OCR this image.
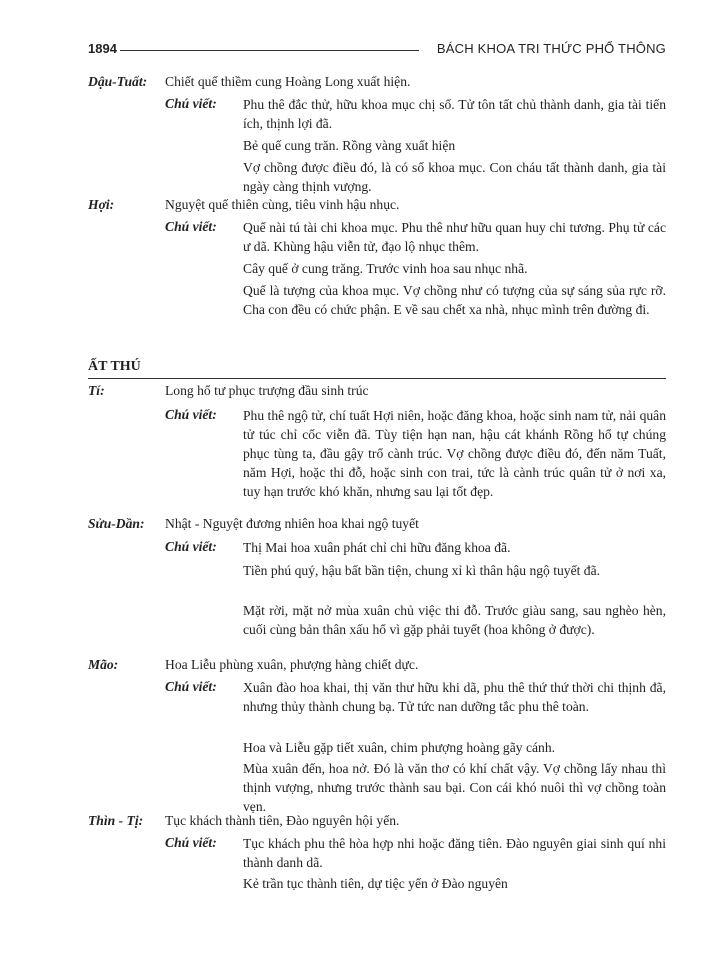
1894	BÁCH KHOA TRI THỨC PHỔ THÔNG
Dậu-Tuất: Chiết quế thiềm cung Hoàng Long xuất hiện.
Chú viết: Phu thê đắc thử, hữu khoa mục chị số. Tử tôn tất chủ thành danh, gia tài tiến ích, thịnh lợi đã.
Bẻ quế cung trăn. Rồng vàng xuất hiện
Vợ chồng được điều đó, là có số khoa mục. Con cháu tất thành danh, gia tài ngày càng thịnh vượng.
Hợi:	Nguyệt quế thiên cùng, tiêu vinh hậu nhục.
Chú viết: Quế nài tú tài chi khoa mục. Phu thê như hữu quan huy chi tương. Phụ tử các ư dã. Khùng hậu viễn tử, đạo lộ nhục thêm.
Cây quế ở cung trăng. Trước vinh hoa sau nhục nhã.
Quế là tượng của khoa mục. Vợ chồng như có tượng của sự sáng sủa rực rỡ. Cha con đều có chức phận. E về sau chết xa nhà, nhục mình trên đường đi.
ẤT THÚ
Tí:	Long hổ tư phục trượng đầu sinh trúc
Chú viết: Phu thê ngộ tử, chí tuất Hợi niên, hoặc đăng khoa, hoặc sinh nam tử, nải quân tử túc chỉ cốc viễn đã. Tùy tiện hạn nan, hậu cát khánh Rồng hổ tự chúng phục tùng ta, đầu gậy trổ cành trúc. Vợ chồng được điều đó, đến năm Tuất, năm Hợi, hoặc thi đỗ, hoặc sinh con trai, tức là cành trúc quân tử ở nơi xa, tuy hạn trước khó khăn, nhưng sau lại tốt đẹp.
Sửu-Dần: Nhật - Nguyệt đương nhiên hoa khai ngộ tuyết
Chú viết: Thị Mai hoa xuân phát chỉ chi hữu đăng khoa đã.
Tiền phú quý, hậu bất bần tiện, chung xỉ kì thân hậu ngộ tuyết đã.
Mặt rời, mặt nở mùa xuân chủ việc thi đỗ. Trước giàu sang, sau nghèo hèn, cuối cùng bản thân xấu hổ vì gặp phải tuyết (hoa không ở được).
Mão:	Hoa Liễu phùng xuân, phượng hàng chiết dực.
Chú viết: Xuân đào hoa khai, thị văn thư hữu khi dã, phu thê thứ thứ thời chi thịnh đã, nhưng thủy thành chung bạ. Tử tức nan dưỡng tắc phu thê toàn.
Hoa và Liễu gặp tiết xuân, chim phượng hoàng gãy cánh.
Mùa xuân đến, hoa nở. Đó là văn thơ có khí chất vậy. Vợ chồng lấy nhau thì thịnh vượng, nhưng trước thành sau bại. Con cái khó nuôi thì vợ chồng toàn vẹn.
Thìn - Tị: Tục khách thành tiên, Đào nguyên hội yến.
Chú viết: Tục khách phu thê hòa hợp nhi hoặc đăng tiên. Đào nguyên giai sinh quí nhi thành danh dã.
Kẻ trần tục thành tiên, dự tiệc yến ở Đào nguyên
